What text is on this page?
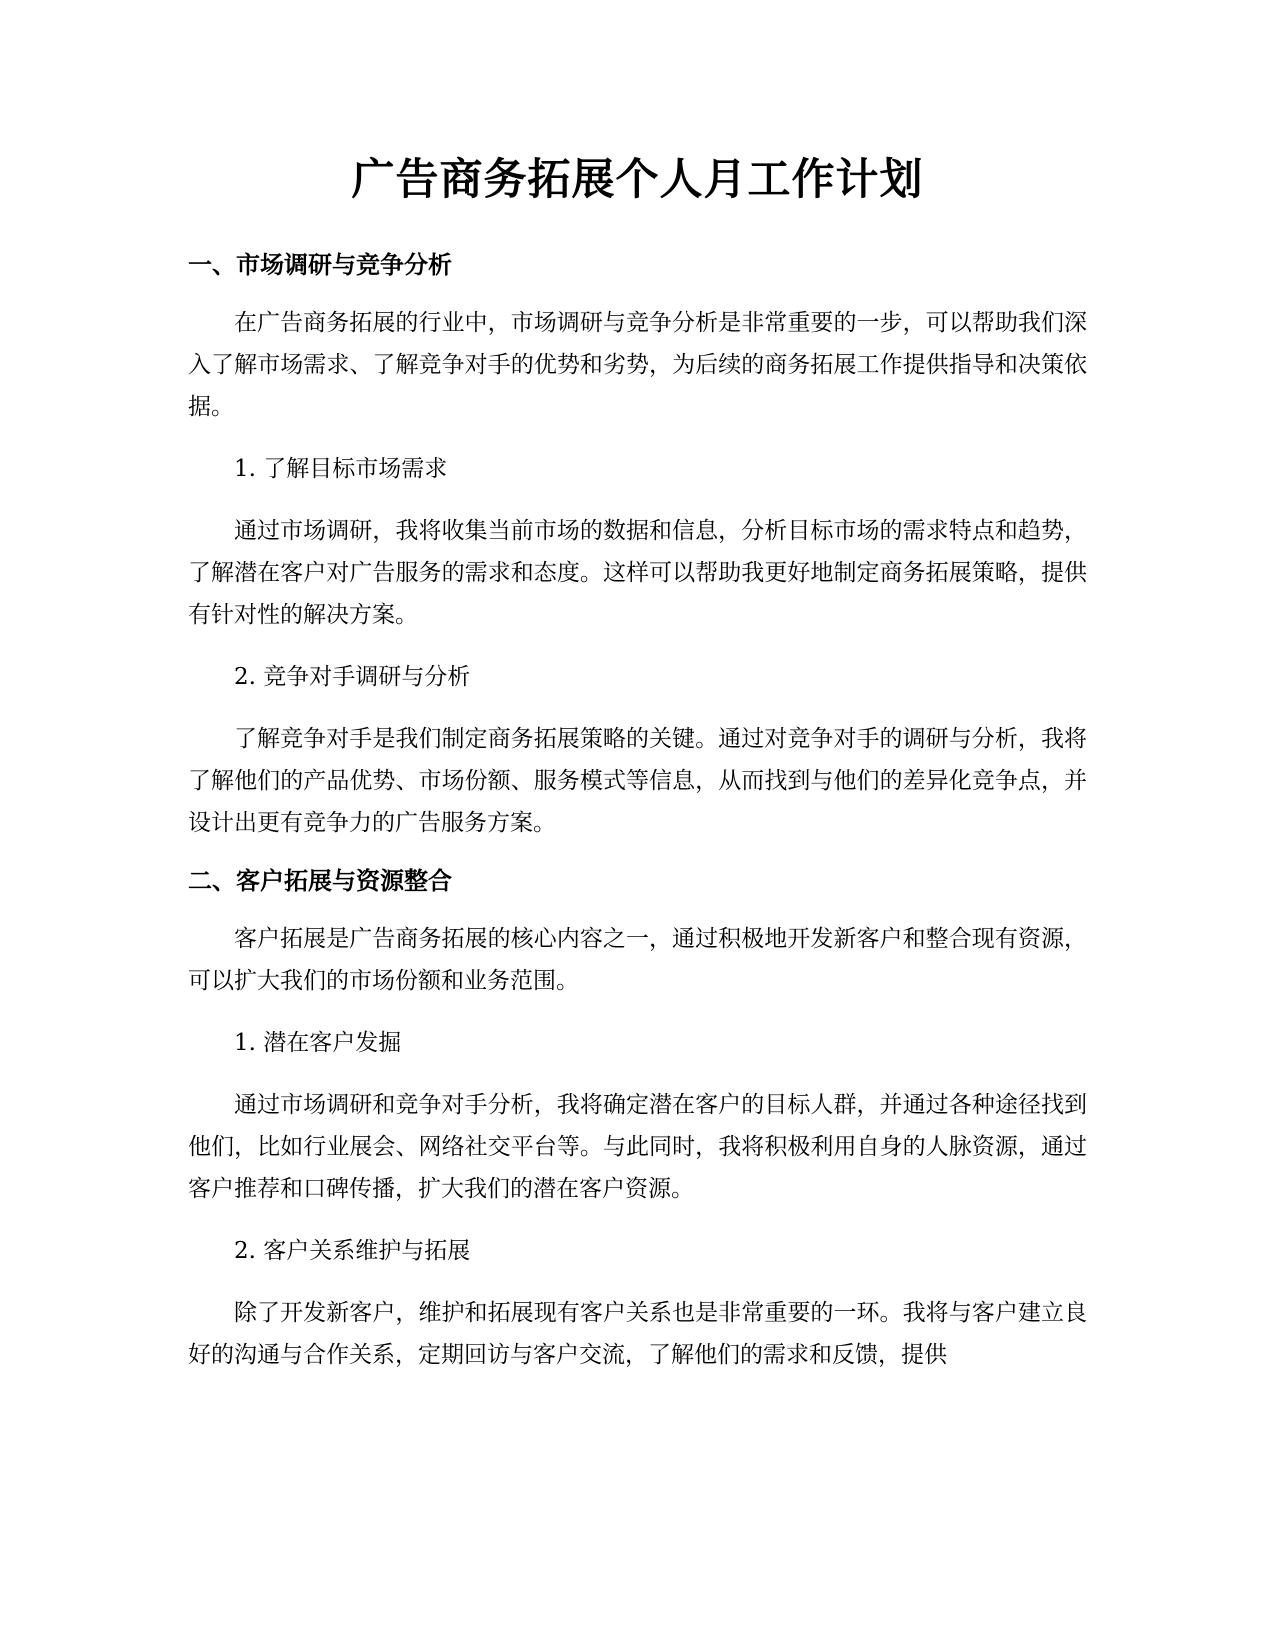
广告商务拓展个人月工作计划
一、市场调研与竞争分析

在广告商务拓展的行业中，市场调研与竞争分析是非常重要的一步，可以帮助我们深入了解市场需求、了解竞争对手的优势和劣势，为后续的商务拓展工作提供指导和决策依据。

1. 了解目标市场需求

通过市场调研，我将收集当前市场的数据和信息，分析目标市场的需求特点和趋势，了解潜在客户对广告服务的需求和态度。这样可以帮助我更好地制定商务拓展策略，提供有针对性的解决方案。

2. 竞争对手调研与分析

了解竞争对手是我们制定商务拓展策略的关键。通过对竞争对手的调研与分析，我将了解他们的产品优势、市场份额、服务模式等信息，从而找到与他们的差异化竞争点，并设计出更有竞争力的广告服务方案。

二、客户拓展与资源整合

客户拓展是广告商务拓展的核心内容之一，通过积极地开发新客户和整合现有资源，可以扩大我们的市场份额和业务范围。

1. 潜在客户发掘

通过市场调研和竞争对手分析，我将确定潜在客户的目标人群，并通过各种途径找到他们，比如行业展会、网络社交平台等。与此同时，我将积极利用自身的人脉资源，通过客户推荐和口碑传播，扩大我们的潜在客户资源。

2. 客户关系维护与拓展

除了开发新客户，维护和拓展现有客户关系也是非常重要的一环。我将与客户建立良好的沟通与合作关系，定期回访与客户交流，了解他们的需求和反馈，提供
